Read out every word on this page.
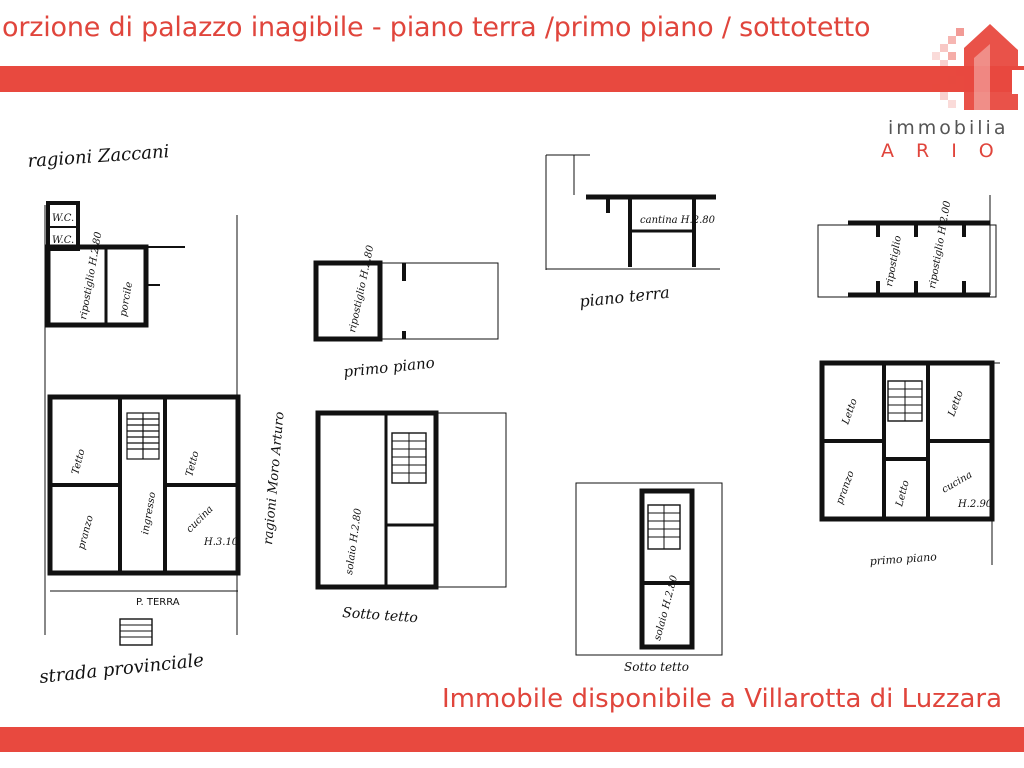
orzione di palazzo inagibile - piano terra /primo piano / sottotetto
immobilia
ARIO
ragioni Zaccani
W.C.
W.C. ripostiglio H.2.80 porcile
Tetto	Tetto
pranzo	ingresso	cucina
H.3.10 ragioni Moro Arturo
P. TERRA
strada provinciale
ripostiglio H.2.80
primo piano
solaio H.2.80
Sotto tetto
cantina H.2.80
piano terra
solaio H.2.80
Sotto tetto
ripostiglio ripostiglio H.2.00
Letto	Letto
pranzo	Letto	cucina
H.2.90
primo piano
Immobile disponibile a Villarotta di Luzzara
